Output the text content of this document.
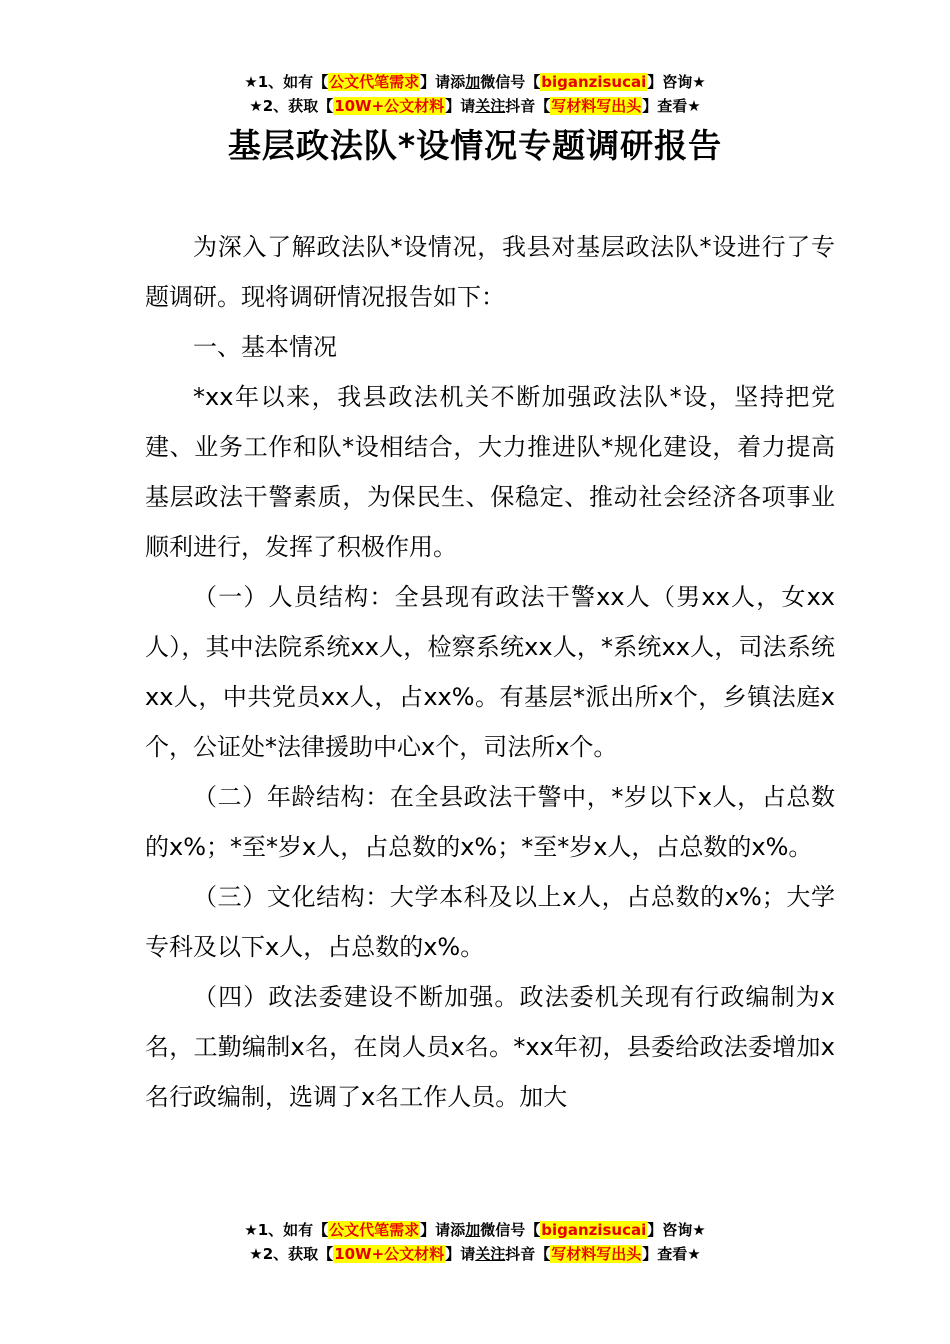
★1、如有【公文代笔需求】请添加微信号【biganzisucai】咨询★
★2、获取【10W+公文材料】请关注抖音【写材料写出头】查看★
基层政法队*设情况专题调研报告

为深入了解政法队*设情况，我县对基层政法队*设进行了专题调研。现将调研情况报告如下：

一、基本情况

*xx年以来，我县政法机关不断加强政法队*设，坚持把党建、业务工作和队*设相结合，大力推进队*规化建设，着力提高基层政法干警素质，为保民生、保稳定、推动社会经济各项事业顺利进行，发挥了积极作用。

（一）人员结构：全县现有政法干警xx人（男xx人，女xx人），其中法院系统xx人，检察系统xx人，*系统xx人，司法系统xx人，中共党员xx人，占xx%。有基层*派出所x个，乡镇法庭x个，公证处*法律援助中心x个，司法所x个。

（二）年龄结构：在全县政法干警中，*岁以下x人，占总数的x%；*至*岁x人，占总数的x%；*至*岁x人，占总数的x%。

（三）文化结构：大学本科及以上x人，占总数的x%；大学专科及以下x人，占总数的x%。

（四）政法委建设不断加强。政法委机关现有行政编制为x名，工勤编制x名，在岗人员x名。*xx年初，县委给政法委增加x名行政编制，选调了x名工作人员。加大

★1、如有【公文代笔需求】请添加微信号【biganzisucai】咨询★
★2、获取【10W+公文材料】请关注抖音【写材料写出头】查看★
